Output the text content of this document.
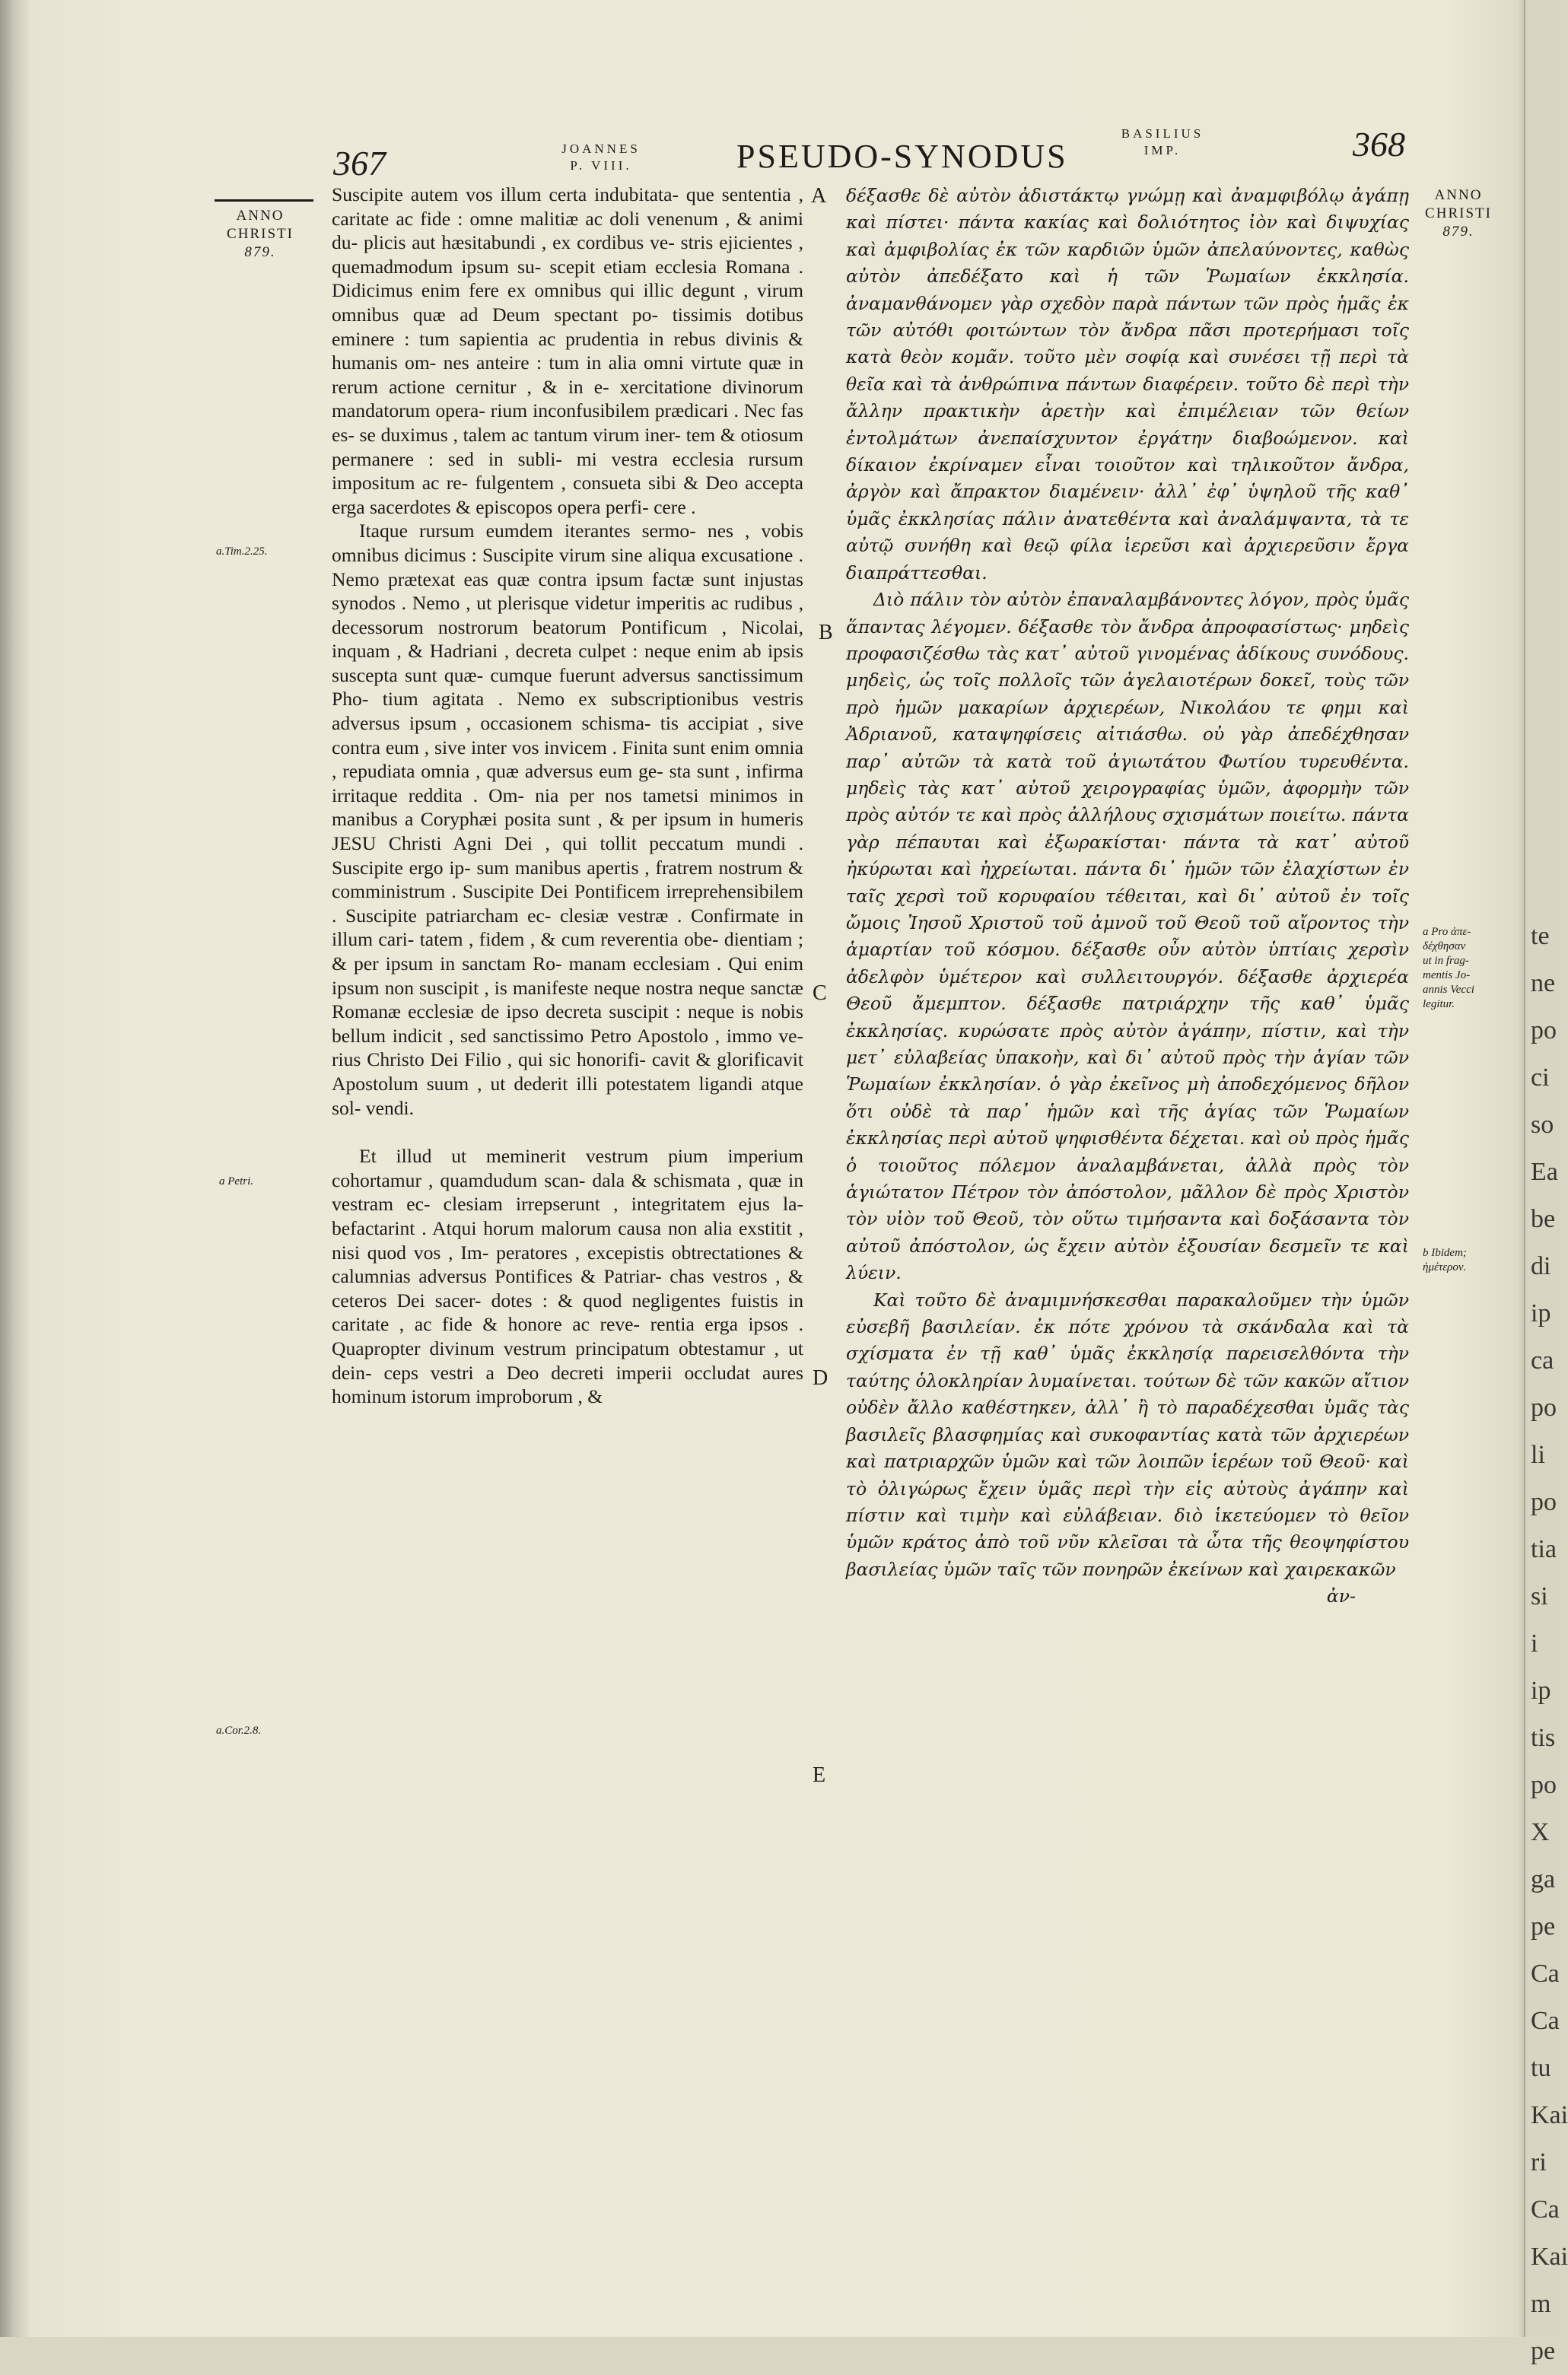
te
ne
po
ci
so
Ea
be
di
ip
ca
po
li
po
tia
si
i
ip
tis
po
X
ga
pe
Ca
Ca
tu
Kai
ri
Ca
Kai
m
pe
367	JOANNES
P. VIII.	PSEUDO-SYNODUS
BASILIUS
IMP.	368
ANNO
CHRISTI
879.
a.Tim.2.25.
a Petri.
a.Cor.2.8.
A
B
C
D
E

Suscipite autem vos illum certa indubitata- que sententia , caritate ac fide : omne malitiæ ac doli venenum , & animi du- plicis aut hæsitabundi , ex cordibus ve- stris ejicientes , quemadmodum ipsum su- scepit etiam ecclesia Romana . Didicimus enim fere ex omnibus qui illic degunt , virum omnibus quæ ad Deum spectant po- tissimis dotibus eminere : tum sapientia ac prudentia in rebus divinis & humanis om- nes anteire : tum in alia omni virtute quæ in rerum actione cernitur , & in e- xercitatione divinorum mandatorum opera- rium inconfusibilem prædicari . Nec fas es- se duximus , talem ac tantum virum iner- tem & otiosum permanere : sed in subli- mi vestra ecclesia rursum impositum ac re- fulgentem , consueta sibi & Deo accepta erga sacerdotes & episcopos opera perfi- cere .

Itaque rursum eumdem iterantes sermo- nes , vobis omnibus dicimus : Suscipite virum sine aliqua excusatione . Nemo prætexat eas quæ contra ipsum factæ sunt injustas synodos . Nemo , ut plerisque videtur imperitis ac rudibus , decessorum nostrorum beatorum Pontificum , Nicolai, inquam , & Hadriani , decreta culpet : neque enim ab ipsis suscepta sunt quæ- cumque fuerunt adversus sanctissimum Pho- tium agitata . Nemo ex subscriptionibus vestris adversus ipsum , occasionem schisma- tis accipiat , sive contra eum , sive inter vos invicem . Finita sunt enim omnia , repudiata omnia , quæ adversus eum ge- sta sunt , infirma irritaque reddita . Om- nia per nos tametsi minimos in manibus a Coryphæi posita sunt , & per ipsum in humeris JESU Christi Agni Dei , qui tollit peccatum mundi . Suscipite ergo ip- sum manibus apertis , fratrem nostrum & comministrum . Suscipite Dei Pontificem irreprehensibilem . Suscipite patriarcham ec- clesiæ vestræ . Confirmate in illum cari- tatem , fidem , & cum reverentia obe- dientiam ; & per ipsum in sanctam Ro- manam ecclesiam . Qui enim ipsum non suscipit , is manifeste neque nostra neque sanctæ Romanæ ecclesiæ de ipso decreta suscipit : neque is nobis bellum indicit , sed sanctissimo Petro Apostolo , immo ve- rius Christo Dei Filio , qui sic honorifi- cavit & glorificavit Apostolum suum , ut dederit illi potestatem ligandi atque sol- vendi.

Et illud ut meminerit vestrum pium imperium cohortamur , quamdudum scan- dala & schismata , quæ in vestram ec- clesiam irrepserunt , integritatem ejus la- befactarint . Atqui horum malorum causa non alia exstitit , nisi quod vos , Im- peratores , excepistis obtrectationes & calumnias adversus Pontifices & Patriar- chas vestros , & ceteros Dei sacer- dotes : & quod negligentes fuistis in caritate , ac fide & honore ac reve- rentia erga ipsos . Quapropter divinum vestrum principatum obtestamur , ut dein- ceps vestri a Deo decreti imperii occludat aures hominum istorum improborum , &

δέξασθε δὲ αὐτὸν ἀδιστάκτῳ γνώμῃ καὶ ἀναμφιβόλῳ ἀγάπῃ καὶ πίστει· πάντα κακίας καὶ δολιότητος ἰὸν καὶ διψυχίας καὶ ἀμφιβολίας ἐκ τῶν καρδιῶν ὑμῶν ἀπελαύνοντες, καθὼς αὐτὸν ἀπεδέξατο καὶ ἡ τῶν Ῥωμαίων ἐκκλησία. ἀναμανθάνομεν γὰρ σχεδὸν παρὰ πάντων τῶν πρὸς ἡμᾶς ἐκ τῶν αὐτόθι φοιτώντων τὸν ἄνδρα πᾶσι προτερήμασι τοῖς κατὰ θεὸν κομᾶν. τοῦτο μὲν σοφίᾳ καὶ συνέσει τῇ περὶ τὰ θεῖα καὶ τὰ ἀνθρώπινα πάντων διαφέρειν. τοῦτο δὲ περὶ τὴν ἄλλην πρακτικὴν ἀρετὴν καὶ ἐπιμέλειαν τῶν θείων ἐντολμάτων ἀνεπαίσχυντον ἐργάτην διαβοώμενον. καὶ δίκαιον ἐκρίναμεν εἶναι τοιοῦτον καὶ τηλικοῦτον ἄνδρα, ἀργὸν καὶ ἄπρακτον διαμένειν· ἀλλ᾽ ἐφ᾽ ὑψηλοῦ τῆς καθ᾽ ὑμᾶς ἐκκλησίας πάλιν ἀνατεθέντα καὶ ἀναλάμψαντα, τὰ τε αὐτῷ συνήθη καὶ θεῷ φίλα ἱερεῦσι καὶ ἀρχιερεῦσιν ἔργα διαπράττεσθαι.

Διὸ πάλιν τὸν αὐτὸν ἐπαναλαμβάνοντες λόγον, πρὸς ὑμᾶς ἅπαντας λέγομεν. δέξασθε τὸν ἄνδρα ἀπροφασίστως· μηδεὶς προφασιζέσθω τὰς κατ᾽ αὐτοῦ γινομένας ἀδίκους συνόδους. μηδεὶς, ὡς τοῖς πολλοῖς τῶν ἀγελαιοτέρων δοκεῖ, τοὺς τῶν πρὸ ἡμῶν μακαρίων ἀρχιερέων, Νικολάου τε φημι καὶ Ἀδριανοῦ, καταψηφίσεις αἰτιάσθω. οὐ γὰρ ἀπεδέχθησαν παρ᾽ αὐτῶν τὰ κατὰ τοῦ ἁγιωτάτου Φωτίου τυρευθέντα. μηδεὶς τὰς κατ᾽ αὐτοῦ χειρογραφίας ὑμῶν, ἀφορμὴν τῶν πρὸς αὐτόν τε καὶ πρὸς ἀλλήλους σχισμάτων ποιείτω. πάντα γὰρ πέπαυται καὶ ἐξωρακίσται· πάντα τὰ κατ᾽ αὐτοῦ ἠκύρωται καὶ ἠχρείωται. πάντα δι᾽ ἡμῶν τῶν ἐλαχίστων ἐν ταῖς χερσὶ τοῦ κορυφαίου τέθειται, καὶ δι᾽ αὐτοῦ ἐν τοῖς ὤμοις Ἰησοῦ Χριστοῦ τοῦ ἀμνοῦ τοῦ Θεοῦ τοῦ αἴροντος τὴν ἁμαρτίαν τοῦ κόσμου. δέξασθε οὖν αὐτὸν ὑπτίαις χερσὶν ἀδελφὸν ὑμέτερον καὶ συλλειτουργόν. δέξασθε ἀρχιερέα Θεοῦ ἄμεμπτον. δέξασθε πατριάρχην τῆς καθ᾽ ὑμᾶς ἐκκλησίας. κυρώσατε πρὸς αὐτὸν ἀγάπην, πίστιν, καὶ τὴν μετ᾽ εὐλαβείας ὑπακοὴν, καὶ δι᾽ αὐτοῦ πρὸς τὴν ἁγίαν τῶν Ῥωμαίων ἐκκλησίαν. ὁ γὰρ ἐκεῖνος μὴ ἀποδεχόμενος δῆλον ὅτι οὐδὲ τὰ παρ᾽ ἡμῶν καὶ τῆς ἁγίας τῶν Ῥωμαίων ἐκκλησίας περὶ αὐτοῦ ψηφισθέντα δέχεται. καὶ οὐ πρὸς ἡμᾶς ὁ τοιοῦτος πόλεμον ἀναλαμβάνεται, ἀλλὰ πρὸς τὸν ἁγιώτατον Πέτρον τὸν ἀπόστολον, μᾶλλον δὲ πρὸς Χριστὸν τὸν υἱὸν τοῦ Θεοῦ, τὸν οὕτω τιμήσαντα καὶ δοξάσαντα τὸν αὐτοῦ ἀπόστολον, ὡς ἔχειν αὐτὸν ἐξουσίαν δεσμεῖν τε καὶ λύειν.

Καὶ τοῦτο δὲ ἀναμιμνήσκεσθαι παρακαλοῦμεν τὴν ὑμῶν εὐσεβῆ βασιλείαν. ἐκ πότε χρόνου τὰ σκάνδαλα καὶ τὰ σχίσματα ἐν τῇ καθ᾽ ὑμᾶς ἐκκλησίᾳ παρεισελθόντα τὴν ταύτης ὁλοκληρίαν λυμαίνεται. τούτων δὲ τῶν κακῶν αἴτιον οὐδὲν ἄλλο καθέστηκεν, ἀλλ᾽ ἢ τὸ παραδέχεσθαι ὑμᾶς τὰς βασιλεῖς βλασφημίας καὶ συκοφαντίας κατὰ τῶν ἀρχιερέων καὶ πατριαρχῶν ὑμῶν καὶ τῶν λοιπῶν ἱερέων τοῦ Θεοῦ· καὶ τὸ ὀλιγώρως ἔχειν ὑμᾶς περὶ τὴν εἰς αὐτοὺς ἀγάπην καὶ πίστιν καὶ τιμὴν καὶ εὐλάβειαν. διὸ ἱκετεύομεν τὸ θεῖον ὑμῶν κράτος ἀπὸ τοῦ νῦν κλεῖσαι τὰ ὦτα τῆς θεοψηφίστου βασιλείας ὑμῶν ταῖς τῶν πονηρῶν ἐκείνων καὶ χαιρεκακῶν

ἀν-

ANNO
CHRISTI
879.
a Pro ἀπε-
δέχθησαν
ut in frag-
mentis Jo-
annis Vecci
legitur.
b Ibidem;
ἡμέτερον.
